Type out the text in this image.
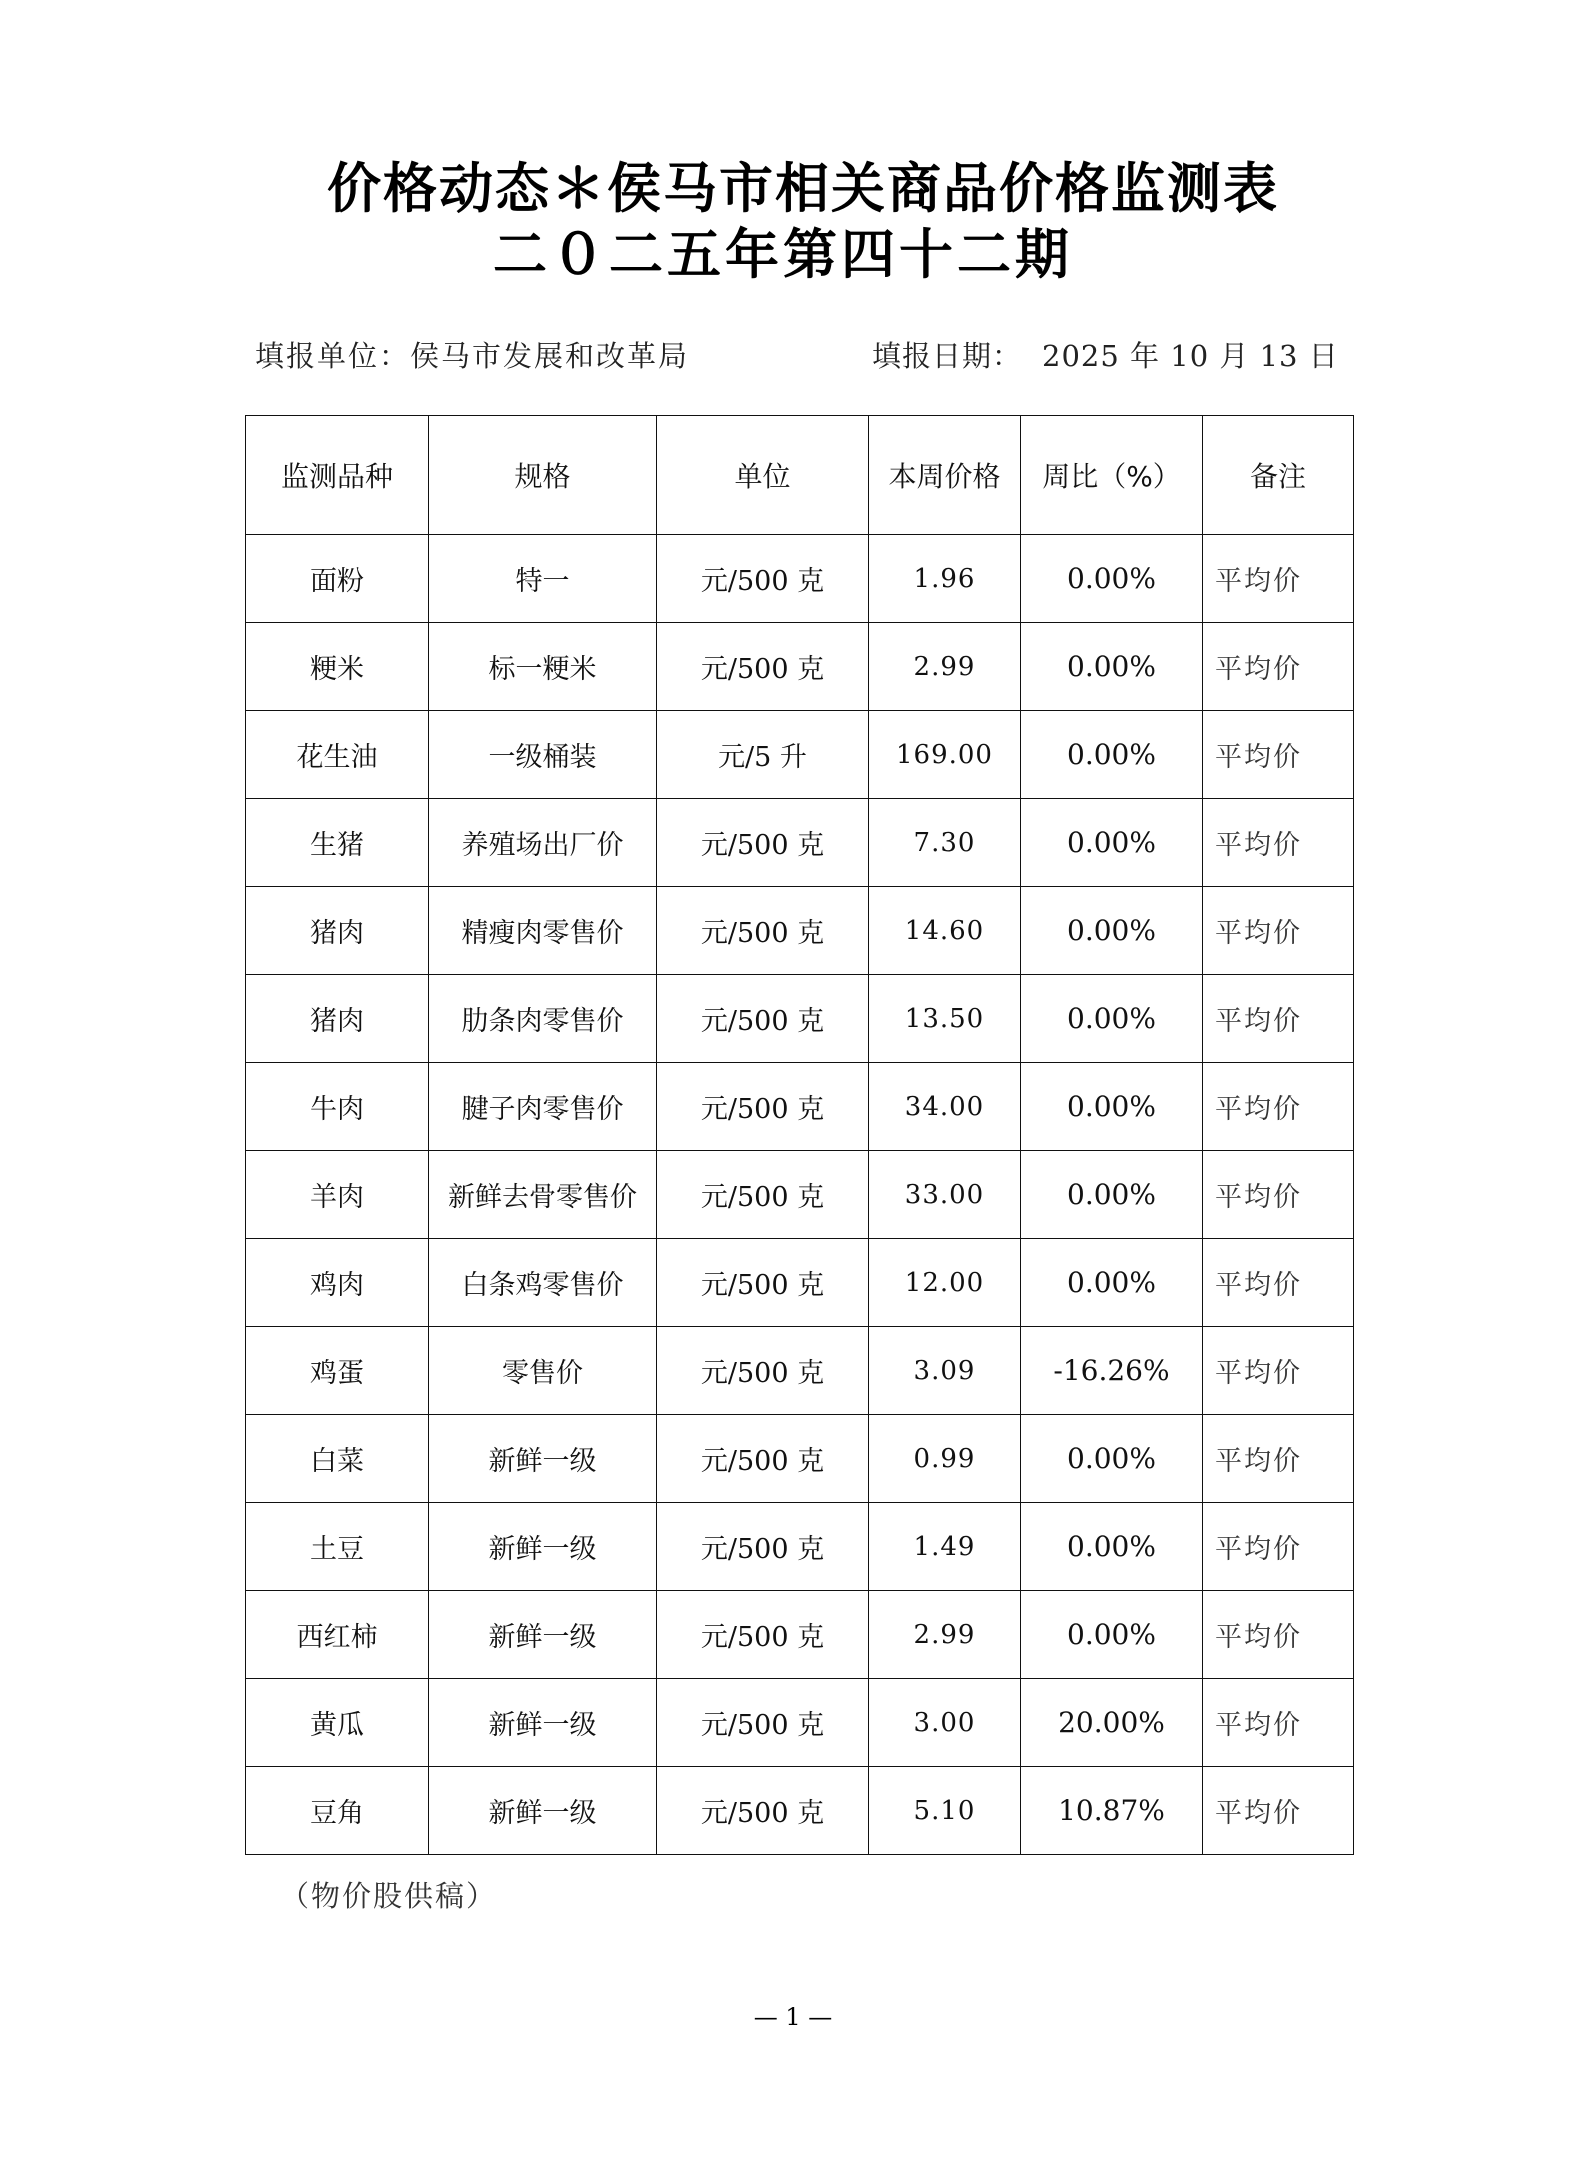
价格动态＊侯马市相关商品价格监测表
二０二五年第四十二期
填报单位：侯马市发展和改革局	填报日期： 2025 年 10 月 13 日
监测品种	规格	单位	本周价格	周比（%）	备注
面粉	特一	元/500 克	1.96	0.00%	平均价
粳米	标一粳米	元/500 克	2.99	0.00%	平均价
花生油	一级桶装	元/5 升	169.00	0.00%	平均价
生猪	养殖场出厂价	元/500 克	7.30	0.00%	平均价
猪肉	精瘦肉零售价	元/500 克	14.60	0.00%	平均价
猪肉	肋条肉零售价	元/500 克	13.50	0.00%	平均价
牛肉	腱子肉零售价	元/500 克	34.00	0.00%	平均价
羊肉	新鲜去骨零售价	元/500 克	33.00	0.00%	平均价
鸡肉	白条鸡零售价	元/500 克	12.00	0.00%	平均价
鸡蛋	零售价	元/500 克	3.09	-16.26%	平均价
白菜	新鲜一级	元/500 克	0.99	0.00%	平均价
土豆	新鲜一级	元/500 克	1.49	0.00%	平均价
西红柿	新鲜一级	元/500 克	2.99	0.00%	平均价
黄瓜	新鲜一级	元/500 克	3.00	20.00%	平均价
豆角	新鲜一级	元/500 克	5.10	10.87%	平均价
（物价股供稿）
— 1 —
